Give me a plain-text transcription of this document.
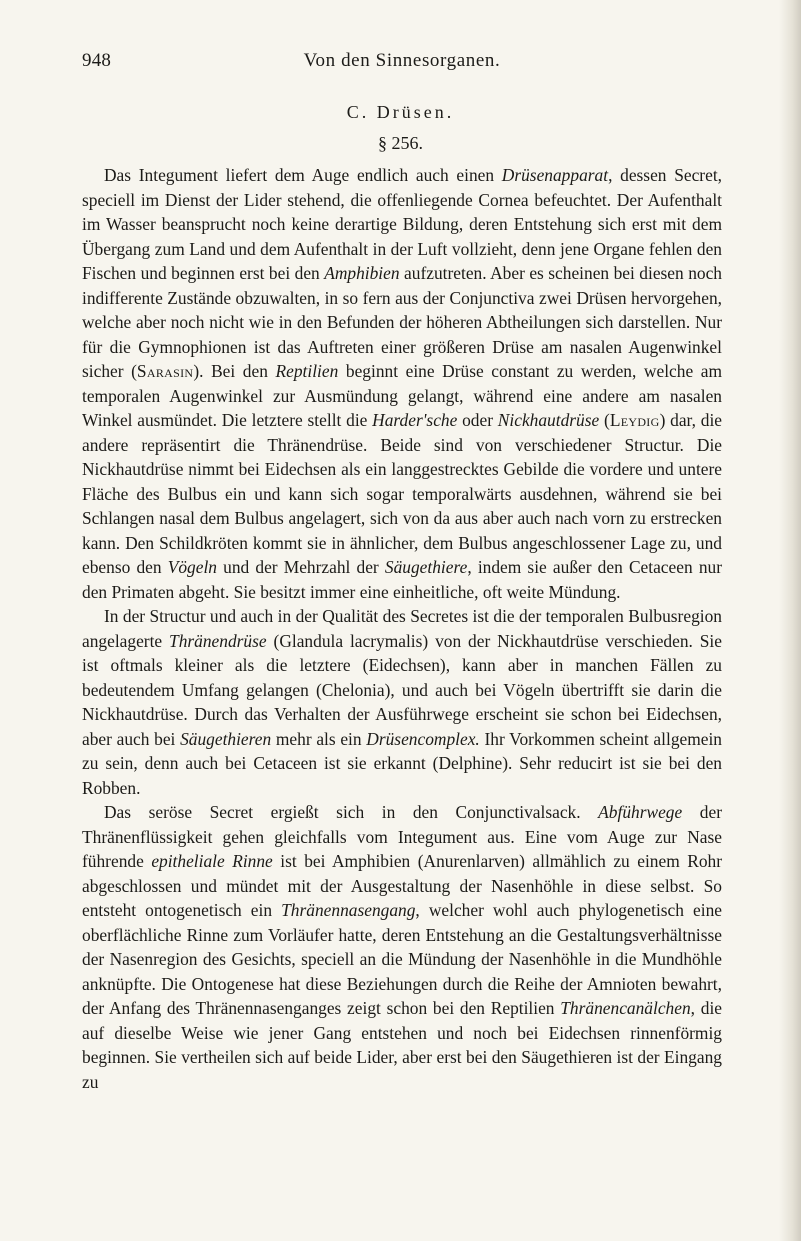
948	Von den Sinnesorganen.
C. Drüsen.
§ 256.

Das Integument liefert dem Auge endlich auch einen Drüsenapparat, dessen Secret, speciell im Dienst der Lider stehend, die offenliegende Cornea befeuchtet. Der Aufenthalt im Wasser beansprucht noch keine derartige Bildung, deren Entstehung sich erst mit dem Übergang zum Land und dem Aufenthalt in der Luft vollzieht, denn jene Organe fehlen den Fischen und beginnen erst bei den Amphibien aufzutreten. Aber es scheinen bei diesen noch indifferente Zustände obzuwalten, in so fern aus der Conjunctiva zwei Drüsen hervorgehen, welche aber noch nicht wie in den Befunden der höheren Abtheilungen sich darstellen. Nur für die Gymnophionen ist das Auftreten einer größeren Drüse am nasalen Augenwinkel sicher (Sarasin). Bei den Reptilien beginnt eine Drüse constant zu werden, welche am temporalen Augenwinkel zur Ausmündung gelangt, während eine andere am nasalen Winkel ausmündet. Die letztere stellt die Harder'sche oder Nickhautdrüse (Leydig) dar, die andere repräsentirt die Thränendrüse. Beide sind von verschiedener Structur. Die Nickhautdrüse nimmt bei Eidechsen als ein langgestrecktes Gebilde die vordere und untere Fläche des Bulbus ein und kann sich sogar temporalwärts ausdehnen, während sie bei Schlangen nasal dem Bulbus angelagert, sich von da aus aber auch nach vorn zu erstrecken kann. Den Schildkröten kommt sie in ähnlicher, dem Bulbus angeschlossener Lage zu, und ebenso den Vögeln und der Mehrzahl der Säugethiere, indem sie außer den Cetaceen nur den Primaten abgeht. Sie besitzt immer eine einheitliche, oft weite Mündung.

In der Structur und auch in der Qualität des Secretes ist die der temporalen Bulbusregion angelagerte Thränendrüse (Glandula lacrymalis) von der Nickhautdrüse verschieden. Sie ist oftmals kleiner als die letztere (Eidechsen), kann aber in manchen Fällen zu bedeutendem Umfang gelangen (Chelonia), und auch bei Vögeln übertrifft sie darin die Nickhautdrüse. Durch das Verhalten der Ausführwege erscheint sie schon bei Eidechsen, aber auch bei Säugethieren mehr als ein Drüsencomplex. Ihr Vorkommen scheint allgemein zu sein, denn auch bei Cetaceen ist sie erkannt (Delphine). Sehr reducirt ist sie bei den Robben.

Das seröse Secret ergießt sich in den Conjunctivalsack. Abführwege der Thränenflüssigkeit gehen gleichfalls vom Integument aus. Eine vom Auge zur Nase führende epitheliale Rinne ist bei Amphibien (Anurenlarven) allmählich zu einem Rohr abgeschlossen und mündet mit der Ausgestaltung der Nasenhöhle in diese selbst. So entsteht ontogenetisch ein Thränennasengang, welcher wohl auch phylogenetisch eine oberflächliche Rinne zum Vorläufer hatte, deren Entstehung an die Gestaltungsverhältnisse der Nasenregion des Gesichts, speciell an die Mündung der Nasenhöhle in die Mundhöhle anknüpfte. Die Ontogenese hat diese Beziehungen durch die Reihe der Amnioten bewahrt, der Anfang des Thränennasenganges zeigt schon bei den Reptilien Thränencanälchen, die auf dieselbe Weise wie jener Gang entstehen und noch bei Eidechsen rinnenförmig beginnen. Sie vertheilen sich auf beide Lider, aber erst bei den Säugethieren ist der Eingang zu
